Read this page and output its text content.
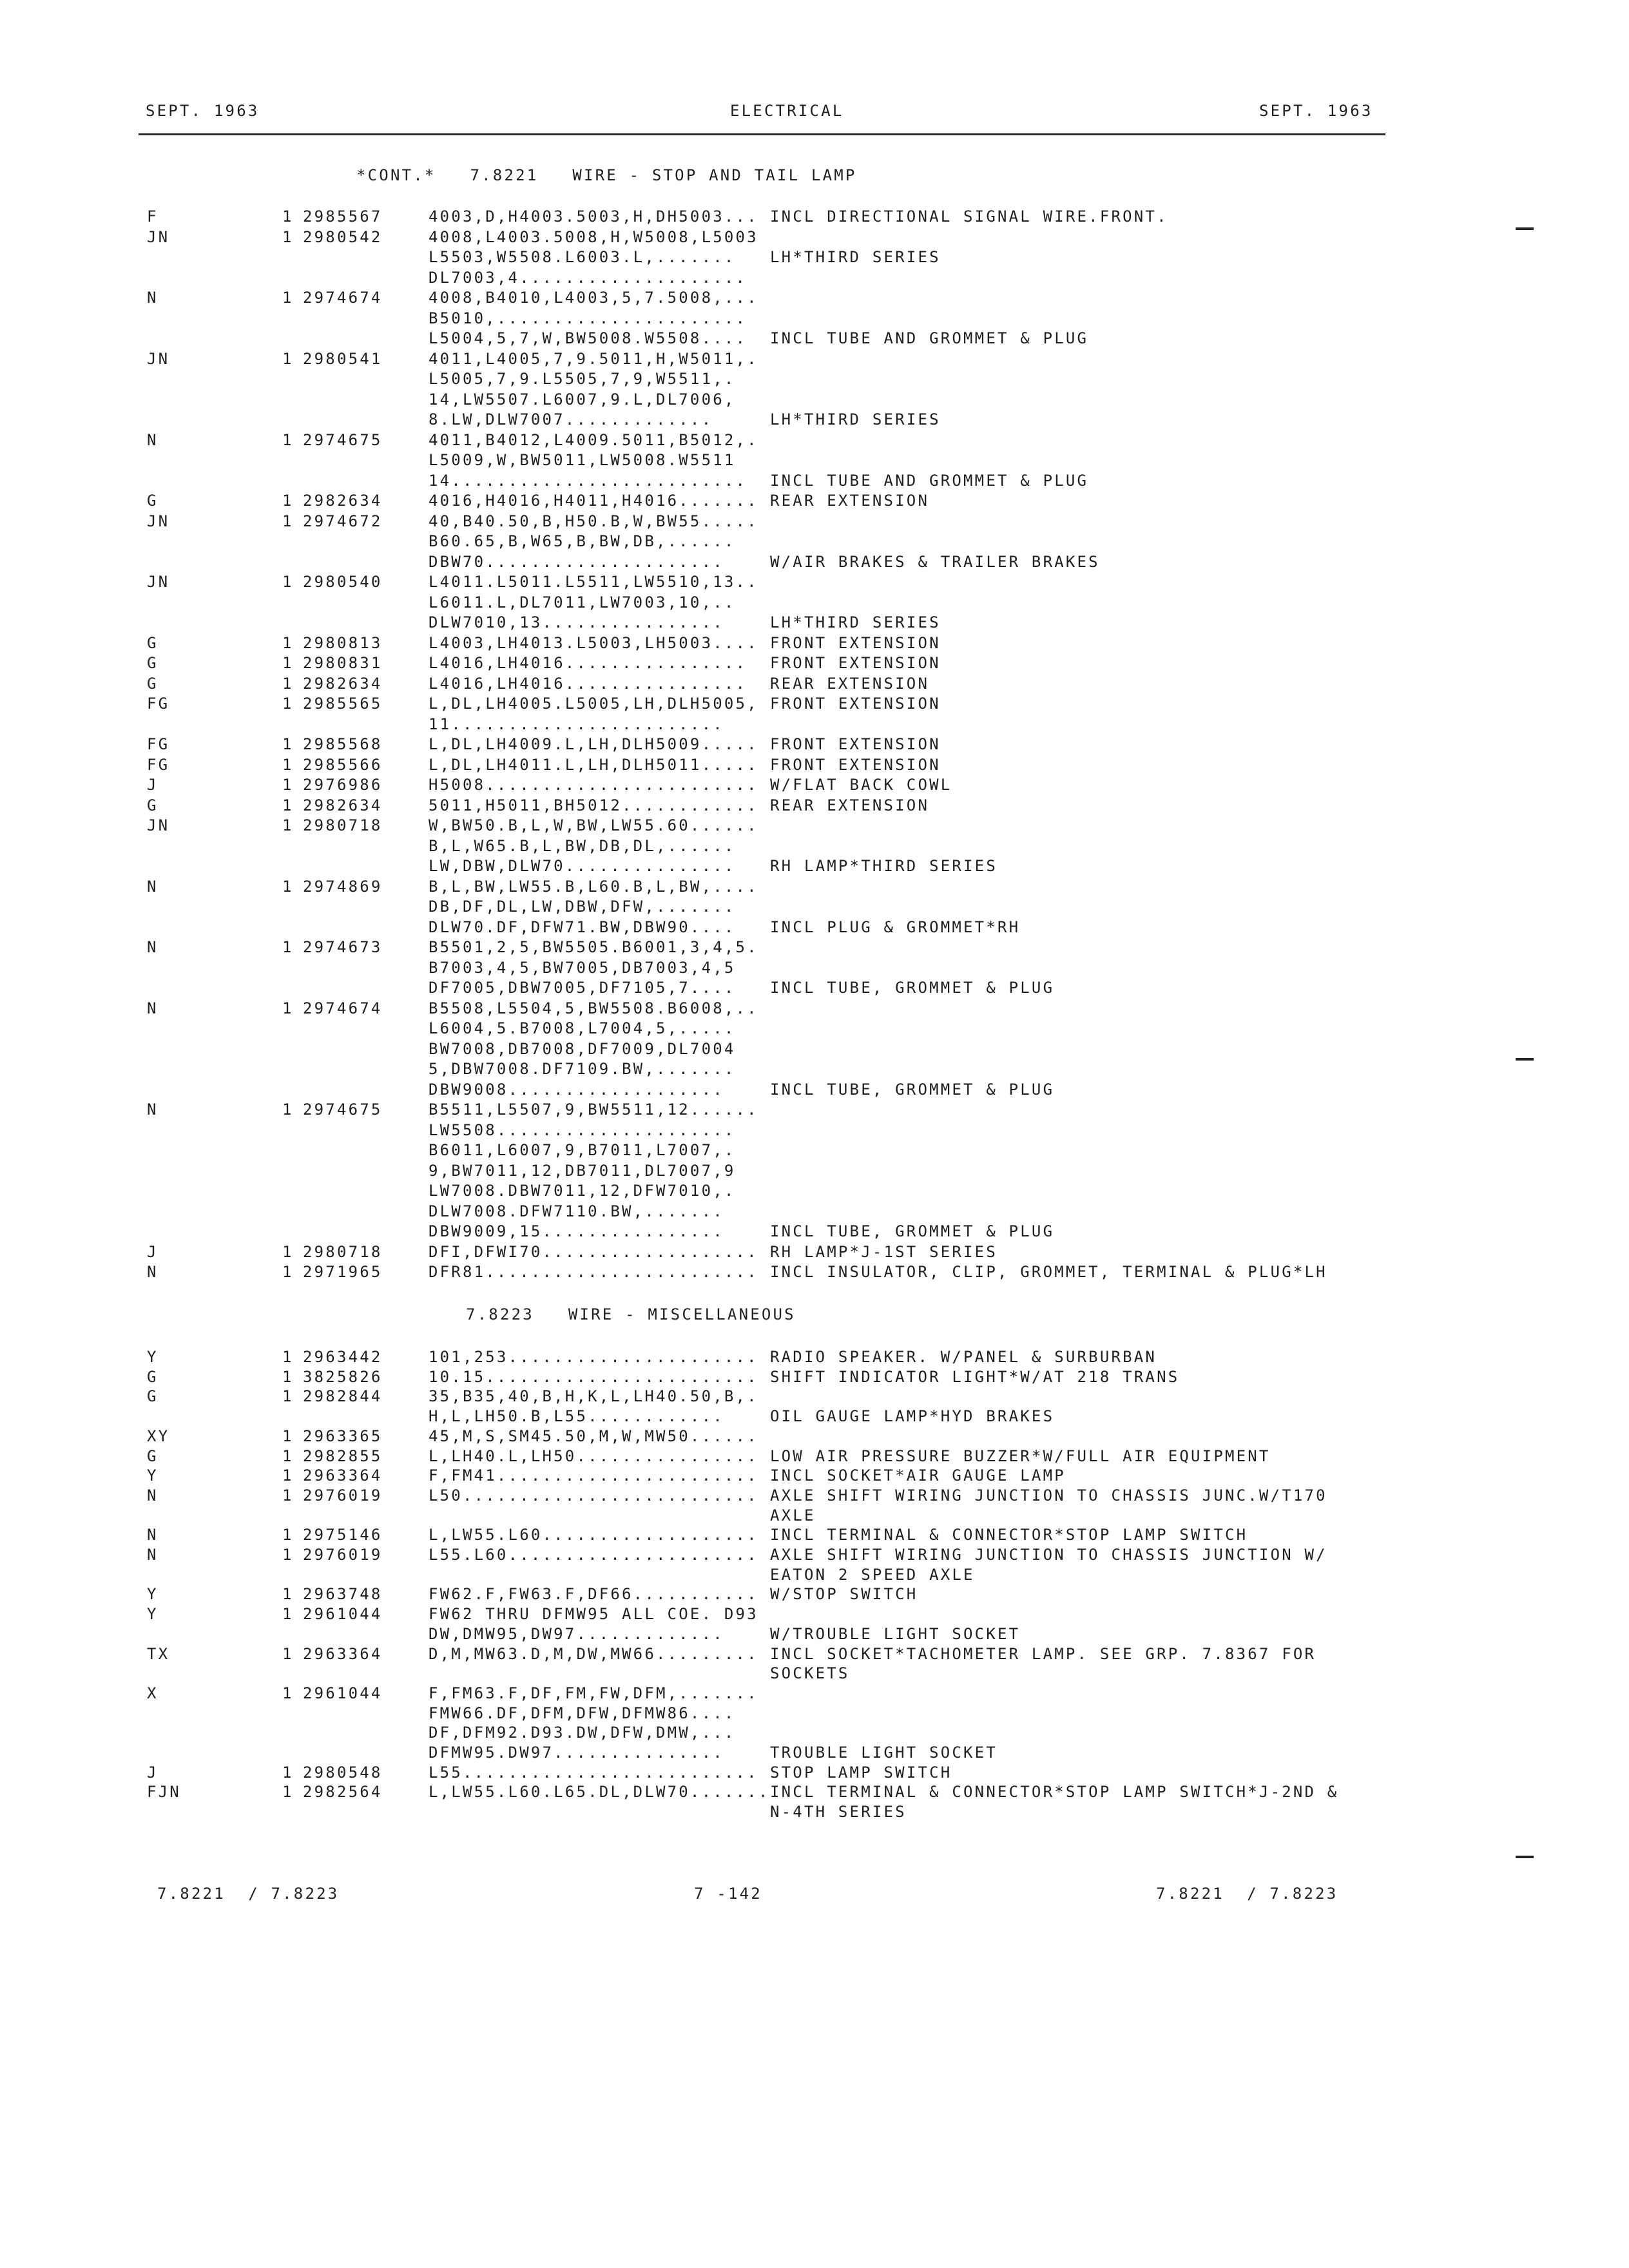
SEPT. 1963	ELECTRICAL	SEPT. 1963
*CONT.*   7.8221   WIRE - STOP AND TAIL LAMP
F	1 2985567	4003,D,H4003.5003,H,DH5003... INCL DIRECTIONAL SIGNAL WIRE.FRONT.
JN	1 2980542	4008,L4003.5008,H,W5008,L5003
L5503,W5508.L6003.L,....... LH*THIRD SERIES
DL7003,4....................
N	1 2974674	4008,B4010,L4003,5,7.5008,...
B5010,......................
L5004,5,7,W,BW5008.W5508.... INCL TUBE AND GROMMET & PLUG
JN	1 2980541	4011,L4005,7,9.5011,H,W5011,.
L5005,7,9.L5505,7,9,W5511,.
14,LW5507.L6007,9.L,DL7006,
8.LW,DLW7007.............	LH*THIRD SERIES
N	1 2974675	4011,B4012,L4009.5011,B5012,.
L5009,W,BW5011,LW5008.W5511
14.......................... INCL TUBE AND GROMMET & PLUG
G	1 2982634	4016,H4016,H4011,H4016....... REAR EXTENSION
JN	1 2974672	40,B40.50,B,H50.B,W,BW55.....
B60.65,B,W65,B,BW,DB,......
DBW70.....................	W/AIR BRAKES & TRAILER BRAKES
JN	1 2980540	L4011.L5011.L5511,LW5510,13..
L6011.L,DL7011,LW7003,10,..
DLW7010,13................	LH*THIRD SERIES
G	1 2980813	L4003,LH4013.L5003,LH5003.... FRONT EXTENSION
G	1 2980831	L4016,LH4016................ FRONT EXTENSION
G	1 2982634	L4016,LH4016................ REAR EXTENSION
FG	1 2985565	L,DL,LH4005.L5005,LH,DLH5005, FRONT EXTENSION
11........................
FG	1 2985568	L,DL,LH4009.L,LH,DLH5009..... FRONT EXTENSION
FG	1 2985566	L,DL,LH4011.L,LH,DLH5011..... FRONT EXTENSION
J	1 2976986	H5008........................ W/FLAT BACK COWL
G	1 2982634	5011,H5011,BH5012............ REAR EXTENSION
JN	1 2980718	W,BW50.B,L,W,BW,LW55.60......
B,L,W65.B,L,BW,DB,DL,......
LW,DBW,DLW70............... RH LAMP*THIRD SERIES
N	1 2974869	B,L,BW,LW55.B,L60.B,L,BW,....
DB,DF,DL,LW,DBW,DFW,.......
DLW70.DF,DFW71.BW,DBW90.... INCL PLUG & GROMMET*RH
N	1 2974673	B5501,2,5,BW5505.B6001,3,4,5.
B7003,4,5,BW7005,DB7003,4,5
DF7005,DBW7005,DF7105,7.... INCL TUBE, GROMMET & PLUG
N	1 2974674	B5508,L5504,5,BW5508.B6008,..
L6004,5.B7008,L7004,5,.....
BW7008,DB7008,DF7009,DL7004
5,DBW7008.DF7109.BW,.......
DBW9008...................	INCL TUBE, GROMMET & PLUG
N	1 2974675	B5511,L5507,9,BW5511,12......
LW5508.....................
B6011,L6007,9,B7011,L7007,.
9,BW7011,12,DB7011,DL7007,9
LW7008.DBW7011,12,DFW7010,.
DLW7008.DFW7110.BW,.......
DBW9009,15................	INCL TUBE, GROMMET & PLUG
J	1 2980718	DFI,DFWI70................... RH LAMP*J-1ST SERIES
N	1 2971965	DFR81........................ INCL INSULATOR, CLIP, GROMMET, TERMINAL & PLUG*LH
7.8223   WIRE - MISCELLANEOUS
Y	1 2963442	101,253...................... RADIO SPEAKER. W/PANEL & SURBURBAN
G	1 3825826	10.15........................ SHIFT INDICATOR LIGHT*W/AT 218 TRANS
G	1 2982844	35,B35,40,B,H,K,L,LH40.50,B,.
H,L,LH50.B,L55............	OIL GAUGE LAMP*HYD BRAKES
XY	1 2963365	45,M,S,SM45.50,M,W,MW50......
G	1 2982855	L,LH40.L,LH50................ LOW AIR PRESSURE BUZZER*W/FULL AIR EQUIPMENT
Y	1 2963364	F,FM41....................... INCL SOCKET*AIR GAUGE LAMP
N	1 2976019	L50.......................... AXLE SHIFT WIRING JUNCTION TO CHASSIS JUNC.W/T170
AXLE
N	1 2975146	L,LW55.L60................... INCL TERMINAL & CONNECTOR*STOP LAMP SWITCH
N	1 2976019	L55.L60...................... AXLE SHIFT WIRING JUNCTION TO CHASSIS JUNCTION W/
EATON 2 SPEED AXLE
Y	1 2963748	FW62.F,FW63.F,DF66........... W/STOP SWITCH
Y	1 2961044	FW62 THRU DFMW95 ALL COE. D93
DW,DMW95,DW97.............	W/TROUBLE LIGHT SOCKET
TX	1 2963364	D,M,MW63.D,M,DW,MW66......... INCL SOCKET*TACHOMETER LAMP. SEE GRP. 7.8367 FOR
SOCKETS
X	1 2961044	F,FM63.F,DF,FM,FW,DFM,.......
FMW66.DF,DFM,DFW,DFMW86....
DF,DFM92.D93.DW,DFW,DMW,...
DFMW95.DW97...............	TROUBLE LIGHT SOCKET
J	1 2980548	L55.......................... STOP LAMP SWITCH
FJN	1 2982564	L,LW55.L60.L65.DL,DLW70....... INCL TERMINAL & CONNECTOR*STOP LAMP SWITCH*J-2ND &
N-4TH SERIES
7.8221  / 7.8223	7 -142	7.8221  / 7.8223
